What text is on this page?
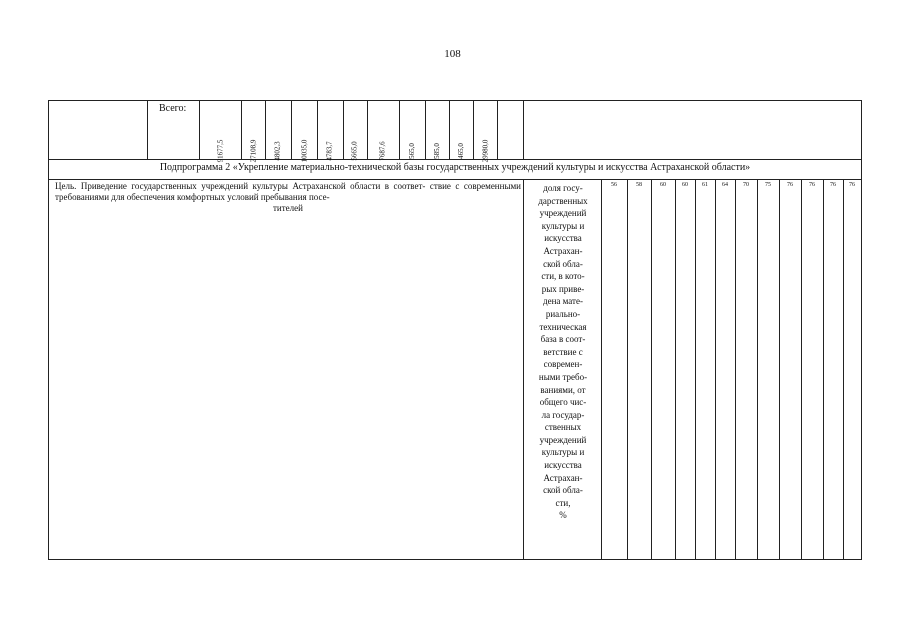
108
Всего:
91677,5	27108,9 4802,3	10035,0	4783,7 5665,0	7687,6	565,0 585,0 465,0 29980,0
Подпрограмма 2 «Укрепление материально-технической базы государственных учреждений культуры и искусства Астраханской области»
Цель. Приведение государственных учреждений культуры Астраханской области в соответ- ствие с современными требованиями для обеспечения комфортных условий пребывания посе-
тителей
доля госу-
дарственных
учреждений
культуры и
искусства
Астрахан-
ской обла-
сти, в кото-
рых приве-
дена мате-
риально-
техническая
база в соот-
ветствие с
современ-
ными требо-
ваниями, от
общего чис-
ла государ-
ственных
учреждений
культуры и
искусства
Астрахан-
ской обла-
сти,
%
56	58	60	60	61	64	70	75	76	76	76	76
